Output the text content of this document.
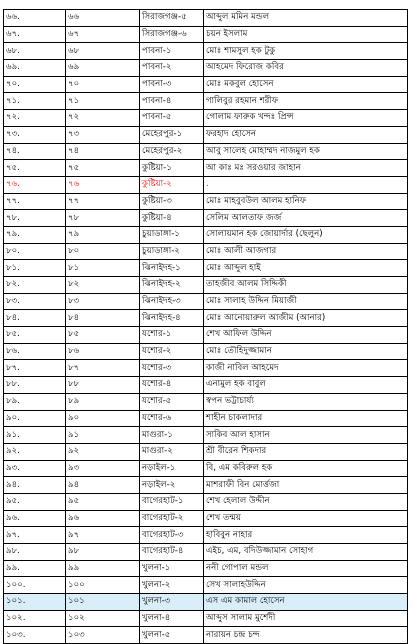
৬৬.	৬৬	সিরাজগঞ্জ-৫	আব্দুল মমিন মন্ডল
৬৭.	৬৭	সিরাজগঞ্জ-৬	চয়ন ইসলাম
৬৮.	৬৮	পাবনা-১	মোঃ শামসুল হক টুকু
৬৯.	৬৯	পাবনা-২	আহমেদ ফিরোজ কবির
৭০.	৭০	পাবনা-৩	মোঃ মকবুল হোসেন
৭১.	৭১	পাবনা-৪	গালিবুর রহমান শরীফ
৭২.	৭২	পাবনা-৫	গোলাম ফারুক খন্দঃ প্রিন্স
৭৩.	৭৩	মেহেরপুর-১	ফরহাদ হোসেন
৭৪.	৭৪	মেহেরপুর-২	আবু সালেহ মোহাম্মদ নাজমুল হক
৭৫.	৭৫	কুষ্টিয়া-১	আ কাঃ মঃ সরওয়ার জাহান
৭৬.	৭৬	কুষ্টিয়া-২	.
৭৭.	৭৭	কুষ্টিয়া-৩	মোঃ মাহবুবউল আলম হানিফ
৭৮.	৭৮	কুষ্টিয়া-৪	সেলিম আলতাফ জর্জ
৭৯.	৭৯	চুয়াডাঙ্গা-১	সোলায়মান হক জোয়ার্দার (ছেলুন)
৮০.	৮০	চুয়াডাঙ্গা-২	মোঃ আলী আজগার
৮১.	৮১	ঝিনাইদহ-১	মোঃ আব্দুল হাই
৮২.	৮২	ঝিনাইদহ-২	তাহজীব আলম সিদ্দিকী
৮৩.	৮৩	ঝিনাইদহ-৩	মোঃ সালাহ উদ্দিন মিয়াজী
৮৪.	৮৪	ঝিনাইদহ-৪	মোঃ আনোয়ারুল আজীম (আনার)
৮৫.	৮৫	যশোর-১	শেখ আফিল উদ্দিন
৮৬.	৮৬	যশোর-২	মোঃ তৌহিদুজ্জামান
৮৭.	৮৭	যশোর-৩	কাজী নাবিল আহমেদ
৮৮.	৮৮	যশোর-৪	এনামুল হক বাবুল
৮৯.	৮৯	যশোর-৫	স্বপন ভট্টাচার্য্য
৯০.	৯০	যশোর-৬	শাহীন চাকলাদার
৯১.	৯১	মাগুরা-১	সাকিব আল হাসান
৯২.	৯২	মাগুরা-২	শ্রী বীরেন শিকদার
৯৩.	৯৩	নড়াইল-১	বি, এম কবিরুল হক
৯৪.	৯৪	নড়াইল-২	মাশরাফী বিন মোর্ত্তজা
৯৫.	৯৫	বাগেরহাট-১	শেখ হেলাল উদ্দীন
৯৬.	৯৬	বাগেরহাট-২	শেখ তন্ময়
৯৭.	৯৭	বাগেরহাট-৩	হাবিবুন নাহার
৯৮.	৯৮	বাগেরহাট-৪	এইচ, এম, বদিউজ্জামান সোহাগ
৯৯.	৯৯	খুলনা-১	ননী গোপাল মন্ডল
১০০.	১০০	খুলনা-২	সেখ সালাহউদ্দিন
১০১.	১০১	খুলনা-৩	এস এম কামাল হোসেন
১০২.	১০২	খুলনা-৪	আব্দুস সালাম মুর্শেদী
১০৩.	১০৩	খুলনা-৫	নারায়ন চন্দ্র চন্দ
